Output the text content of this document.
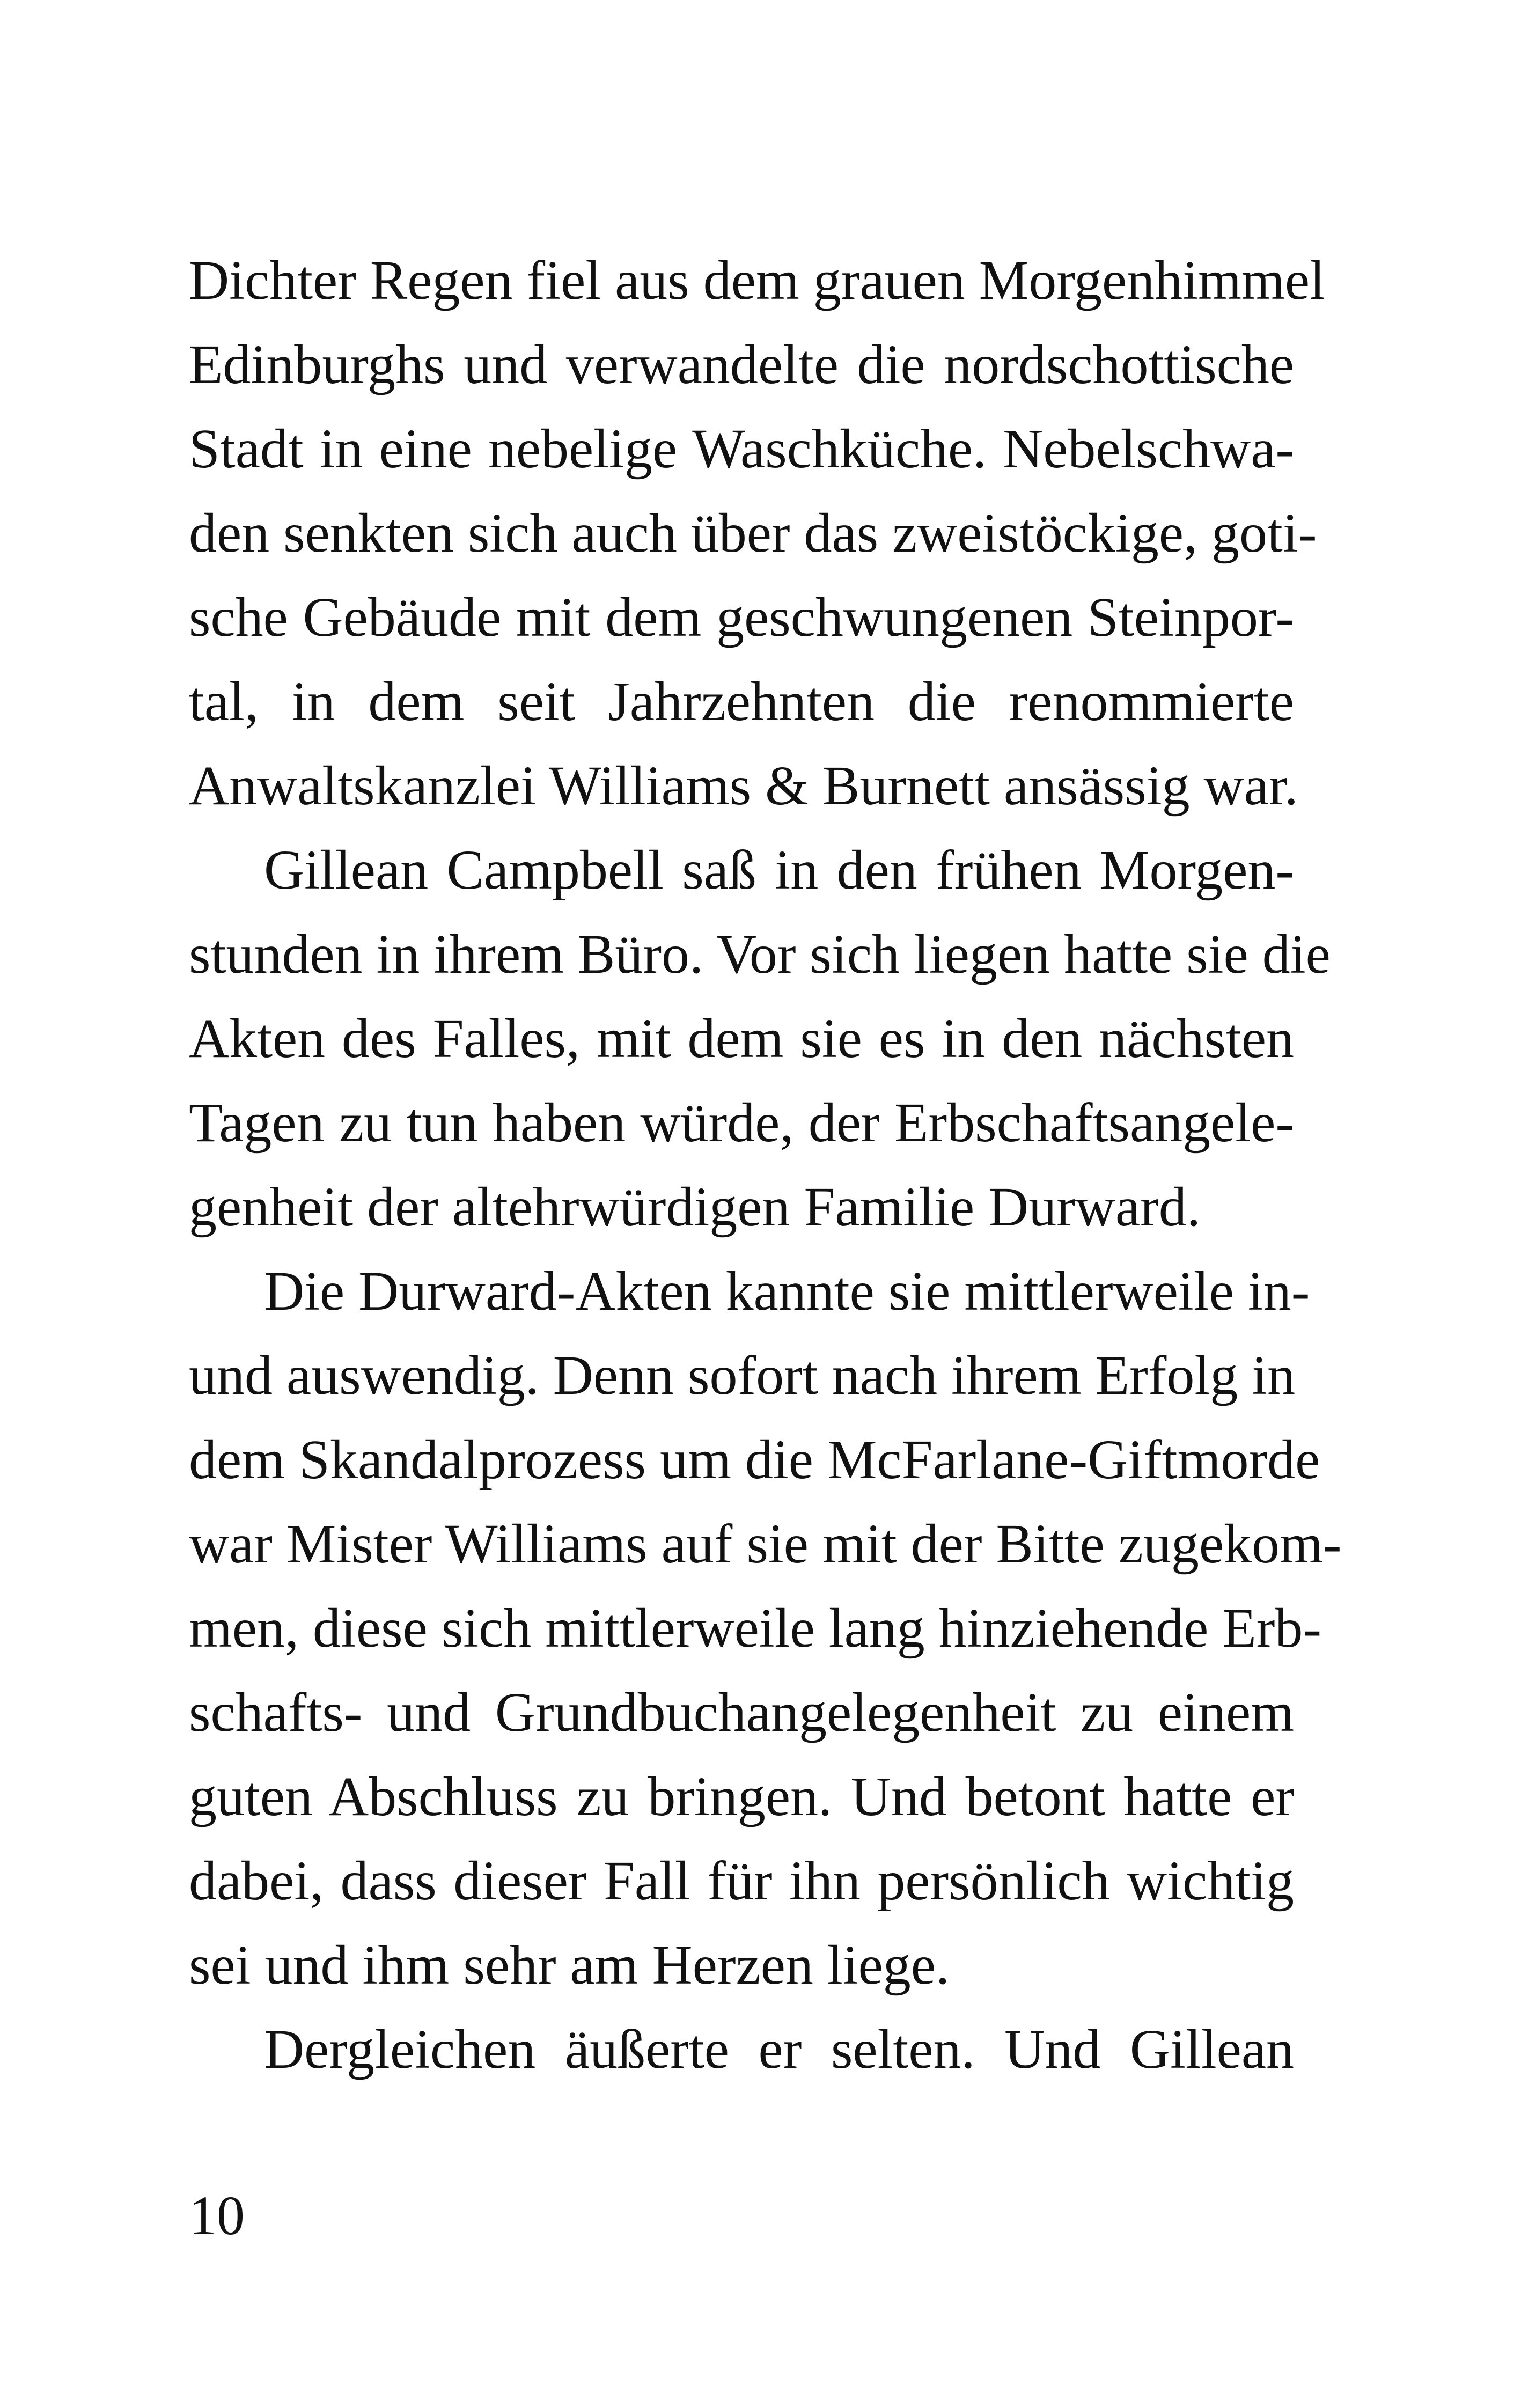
Dichter Regen fiel aus dem grauen Morgenhimmel
Edinburghs und verwandelte die nordschottische
Stadt in eine nebelige Waschküche. Nebelschwa-
den senkten sich auch über das zweistöckige, goti-
sche Gebäude mit dem geschwungenen Steinpor-
tal, in dem seit Jahrzehnten die renommierte
Anwaltskanzlei Williams & Burnett ansässig war.
Gillean Campbell saß in den frühen Morgen-
stunden in ihrem Büro. Vor sich liegen hatte sie die
Akten des Falles, mit dem sie es in den nächsten
Tagen zu tun haben würde, der Erbschaftsangele-
genheit der altehrwürdigen Familie Durward.
Die Durward-Akten kannte sie mittlerweile in-
und auswendig. Denn sofort nach ihrem Erfolg in
dem Skandalprozess um die McFarlane-Giftmorde
war Mister Williams auf sie mit der Bitte zugekom-
men, diese sich mittlerweile lang hinziehende Erb-
schafts- und Grundbuchangelegenheit zu einem
guten Abschluss zu bringen. Und betont hatte er
dabei, dass dieser Fall für ihn persönlich wichtig
sei und ihm sehr am Herzen liege.
Dergleichen äußerte er selten. Und Gillean
10
